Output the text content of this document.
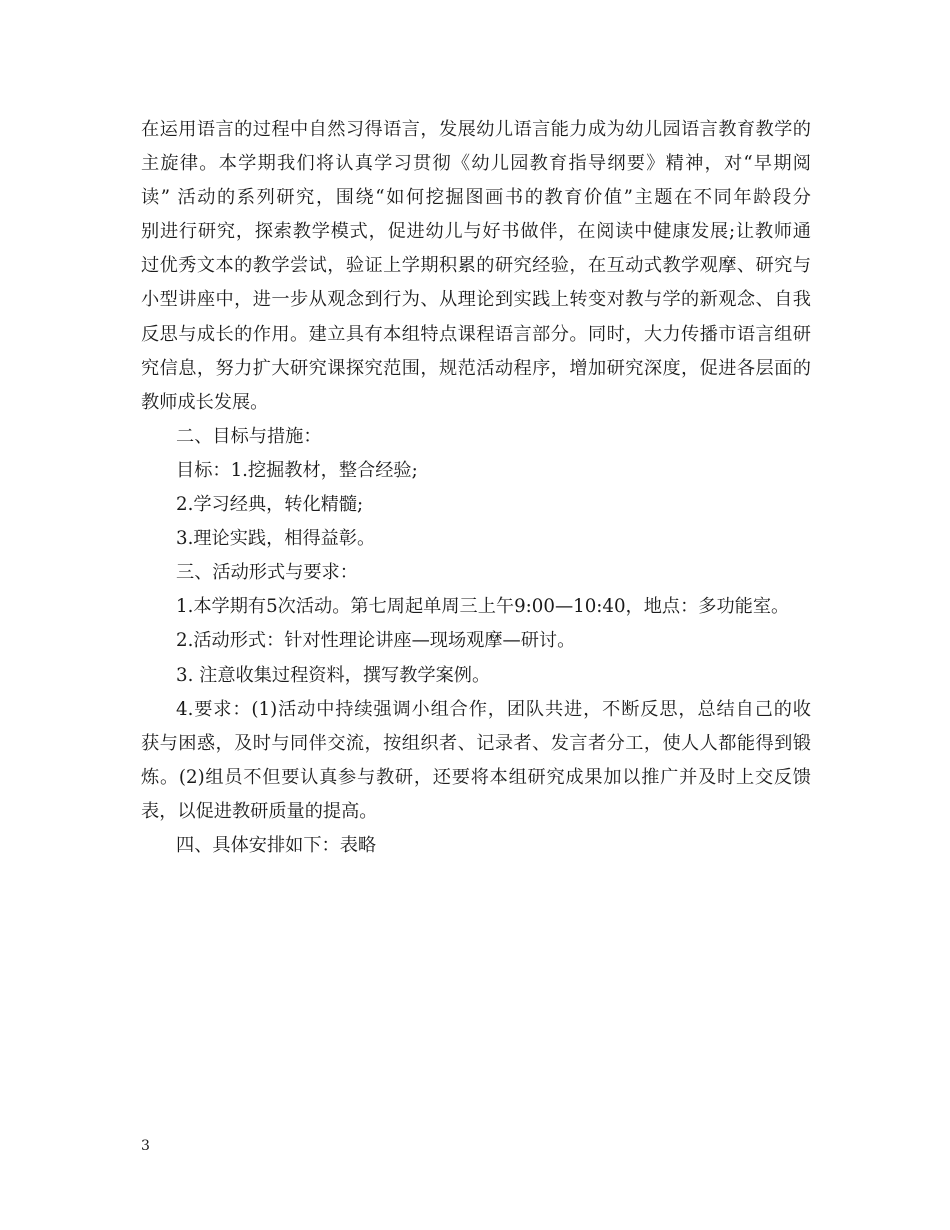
在运用语言的过程中自然习得语言，发展幼儿语言能力成为幼儿园语言教育教学的
主旋律。本学期我们将认真学习贯彻《幼儿园教育指导纲要》精神，对“早期阅
读” 活动的系列研究，围绕“如何挖掘图画书的教育价值”主题在不同年龄段分
别进行研究，探索教学模式，促进幼儿与好书做伴，在阅读中健康发展;让教师通
过优秀文本的教学尝试，验证上学期积累的研究经验，在互动式教学观摩、研究与
小型讲座中，进一步从观念到行为、从理论到实践上转变对教与学的新观念、自我
反思与成长的作用。建立具有本组特点课程语言部分。同时，大力传播市语言组研
究信息，努力扩大研究课探究范围，规范活动程序，增加研究深度，促进各层面的
教师成长发展。
二、目标与措施：
目标：1.挖掘教材，整合经验;
2.学习经典，转化精髓;
3.理论实践，相得益彰。
三、活动形式与要求：
1.本学期有5次活动。第七周起单周三上午9:00—10:40，地点：多功能室。
2.活动形式：针对性理论讲座—现场观摩—研讨。
3. 注意收集过程资料，撰写教学案例。
4.要求：(1)活动中持续强调小组合作，团队共进，不断反思，总结自己的收
获与困惑，及时与同伴交流，按组织者、记录者、发言者分工，使人人都能得到锻
炼。(2)组员不但要认真参与教研，还要将本组研究成果加以推广并及时上交反馈
表，以促进教研质量的提高。
四、具体安排如下：表略
3
